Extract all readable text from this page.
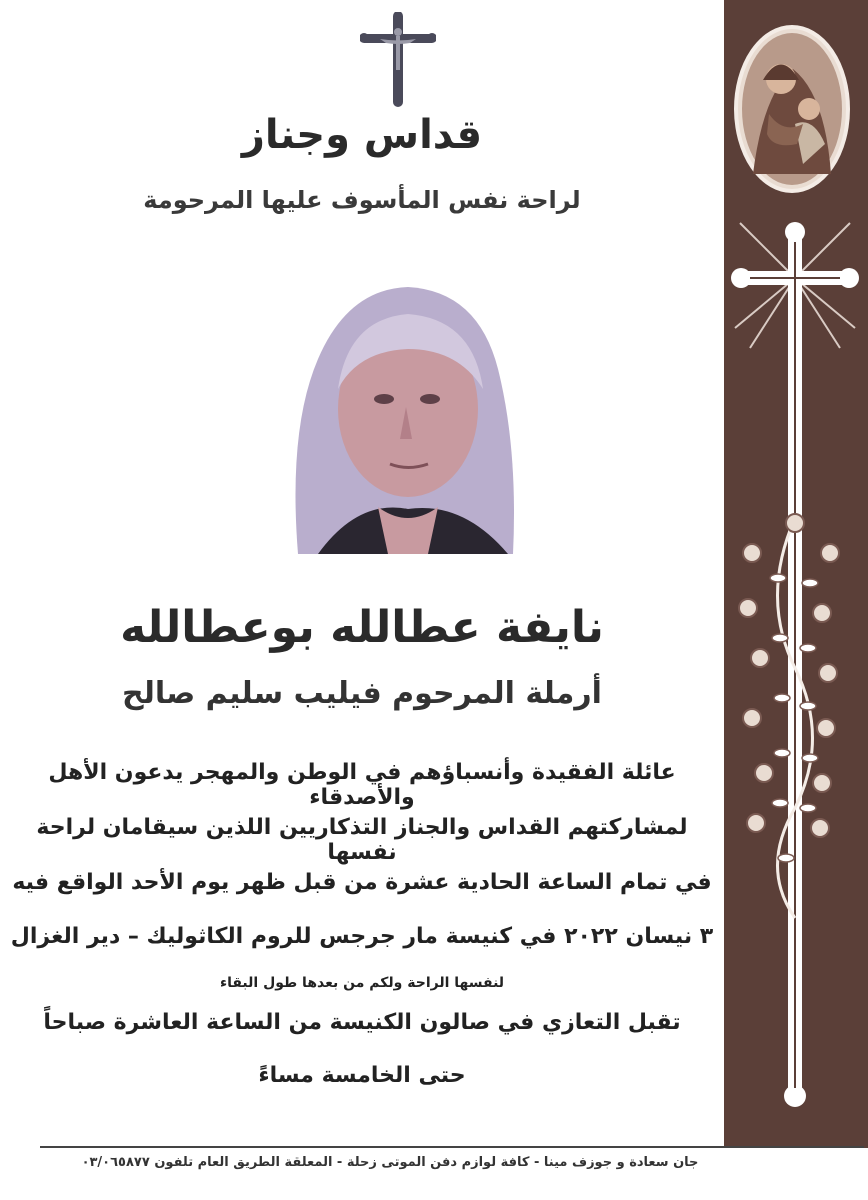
قداس وجناز
لراحة نفس المأسوف عليها المرحومة
نايفة عطالله بوعطالله
أرملة المرحوم فيليب سليم صالح
عائلة الفقيدة وأنسباؤهم في الوطن والمهجر يدعون الأهل والأصدقاء
لمشاركتهم القداس والجناز التذكاريين اللذين سيقامان لراحة نفسها
في تمام الساعة الحادية عشرة من قبل ظهر يوم الأحد الواقع فيه
٣ نيسان ٢٠٢٢ في كنيسة مار جرجس للروم الكاثوليك – دير الغزال
لنفسها الراحة ولكم من بعدها طول البقاء
تقبل التعازي في صالون الكنيسة من الساعة العاشرة صباحاً
حتى الخامسة مساءً
جان سعادة و جوزف مينا - كافة لوازم دفن الموتى زحلة - المعلقة الطريق العام تلفون ٠٣/٠٦٥٨٧٧
